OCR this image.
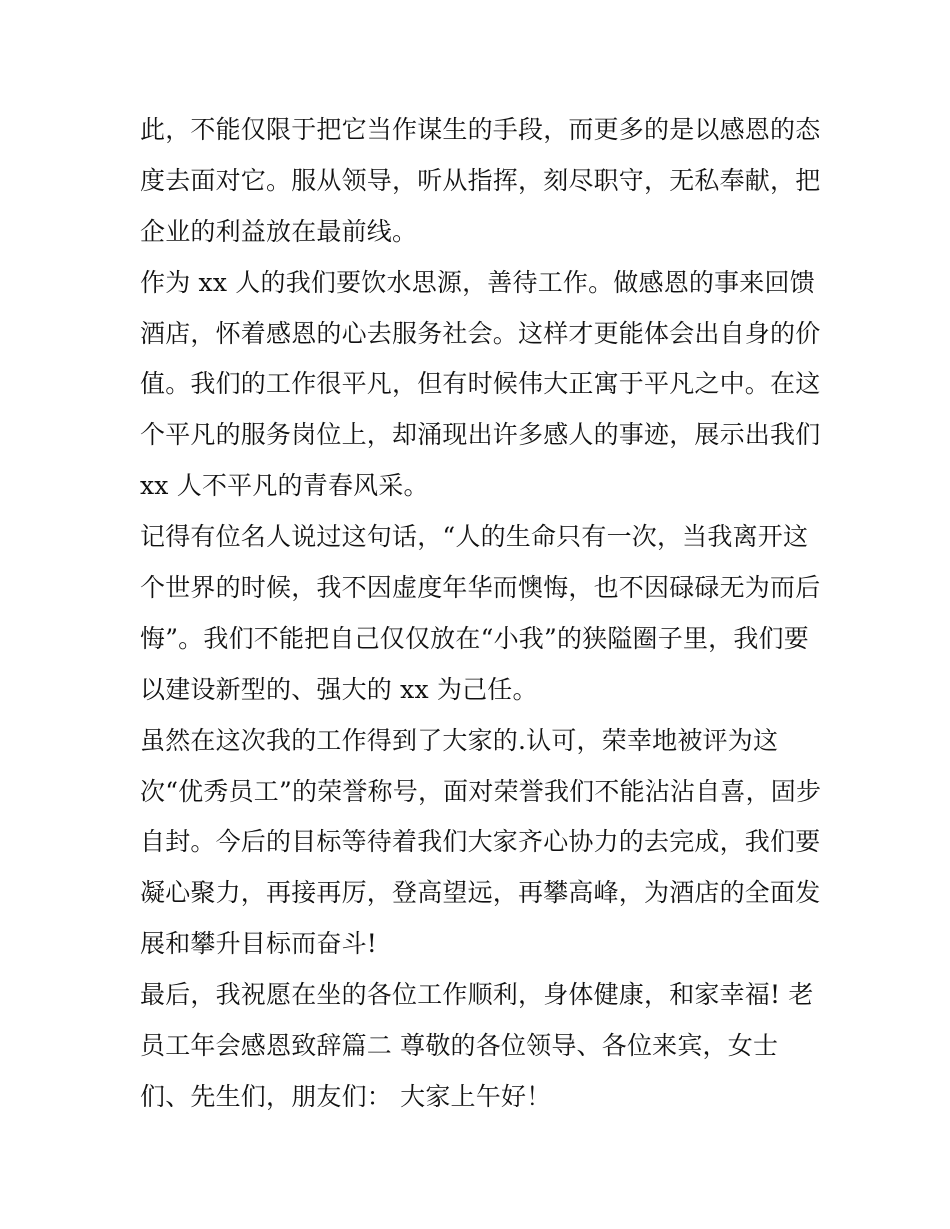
此，不能仅限于把它当作谋生的手段，而更多的是以感恩的态
度去面对它。服从领导，听从指挥，刻尽职守，无私奉献，把
企业的利益放在最前线。
作为 xx 人的我们要饮水思源，善待工作。做感恩的事来回馈
酒店，怀着感恩的心去服务社会。这样才更能体会出自身的价
值。我们的工作很平凡，但有时候伟大正寓于平凡之中。在这
个平凡的服务岗位上，却涌现出许多感人的事迹，展示出我们
xx 人不平凡的青春风采。
记得有位名人说过这句话，“人的生命只有一次，当我离开这
个世界的时候，我不因虚度年华而懊悔，也不因碌碌无为而后
悔”。我们不能把自己仅仅放在“小我”的狭隘圈子里，我们要
以建设新型的、强大的 xx 为己任。
虽然在这次我的工作得到了大家的.认可，荣幸地被评为这
次“优秀员工”的荣誉称号，面对荣誉我们不能沾沾自喜，固步
自封。今后的目标等待着我们大家齐心协力的去完成，我们要
凝心聚力，再接再厉，登高望远，再攀高峰，为酒店的全面发
展和攀升目标而奋斗!
最后，我祝愿在坐的各位工作顺利，身体健康，和家幸福! 老
员工年会感恩致辞篇二 尊敬的各位领导、各位来宾，女士
们、先生们，朋友们： 大家上午好！
